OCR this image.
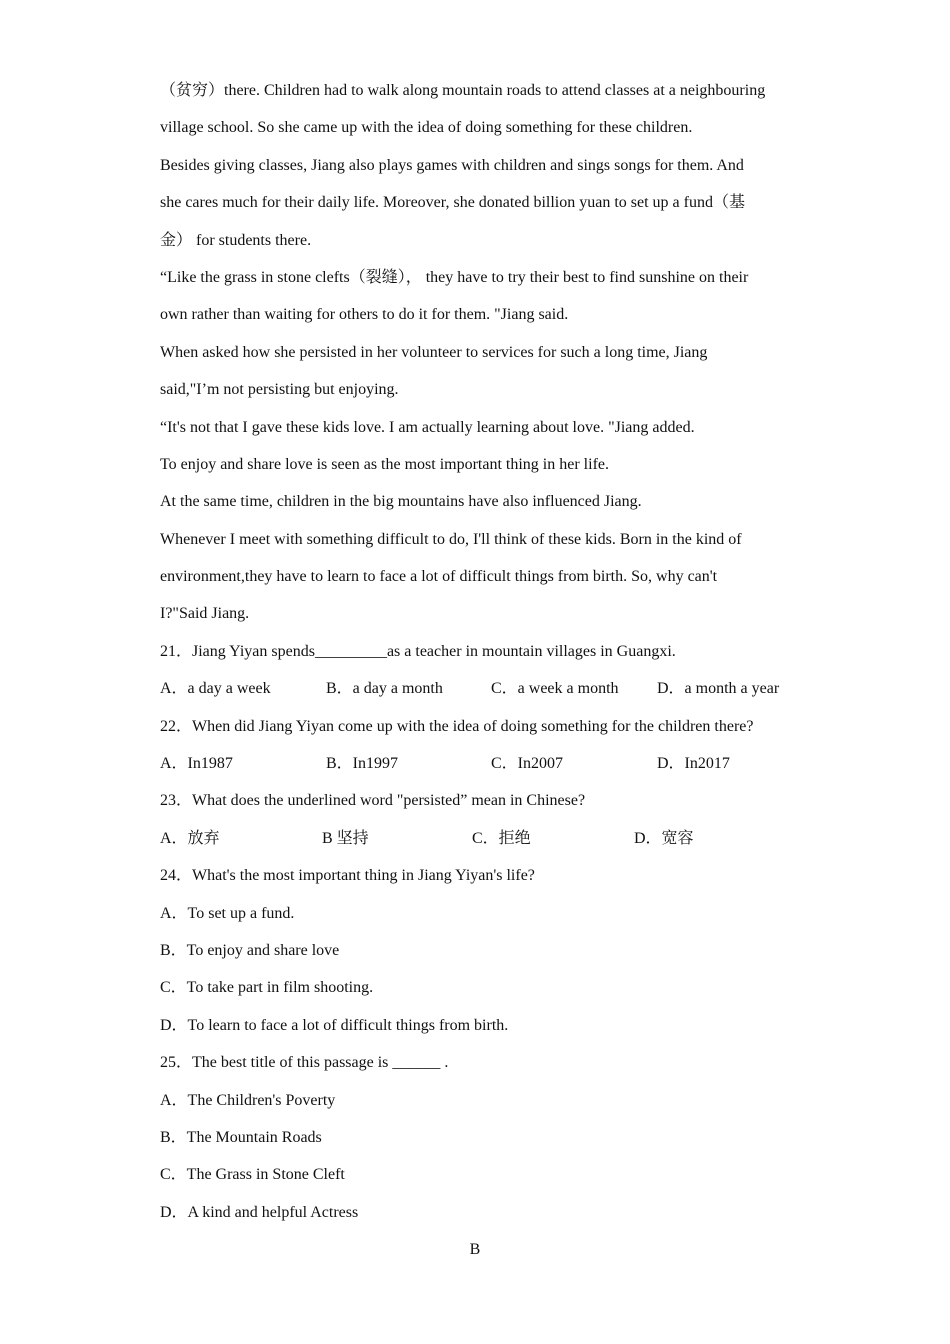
（贫穷）there. Children had to walk along mountain roads to attend classes at a neighbouring
village school. So she came up with the idea of doing something for these children.
Besides giving classes, Jiang also plays games with children and sings songs for them. And
she cares much for their daily life. Moreover, she donated billion yuan to set up a fund（基
金） for students there.
“Like the grass in stone clefts（裂缝）， they have to try their best to find sunshine on their
own rather than waiting for others to do it for them. "Jiang said.
When asked how she persisted in her volunteer to services for such a long time, Jiang
said,"I’m not persisting but enjoying.
“It's not that I gave these kids love. I am actually learning about love. "Jiang added.
To enjoy and share love is seen as the most important thing in her life.
At the same time, children in the big mountains have also influenced Jiang.
Whenever I meet with something difficult to do, I'll think of these kids. Born in the kind of
environment,they have to learn to face a lot of difficult things from birth. So, why can't
I?"Said Jiang.
21．Jiang Yiyan spends_________as a teacher in mountain villages in Guangxi.
A．a day a week	B．a day a month	C．a week a month D．a month a year
22．When did Jiang Yiyan come up with the idea of doing something for the children there?
A．In1987	B．In1997	C．In2007	D．In2017
23．What does the underlined word "persisted” mean in Chinese?
A．放弃	B 坚持	C．拒绝	D．宽容
24．What's the most important thing in Jiang Yiyan's life?
A．To set up a fund.
B．To enjoy and share love
C．To take part in film shooting.
D．To learn to face a lot of difficult things from birth.
25．The best title of this passage is ______ .
A．The Children's Poverty
B．The Mountain Roads
C．The Grass in Stone Cleft
D．A kind and helpful Actress
B
